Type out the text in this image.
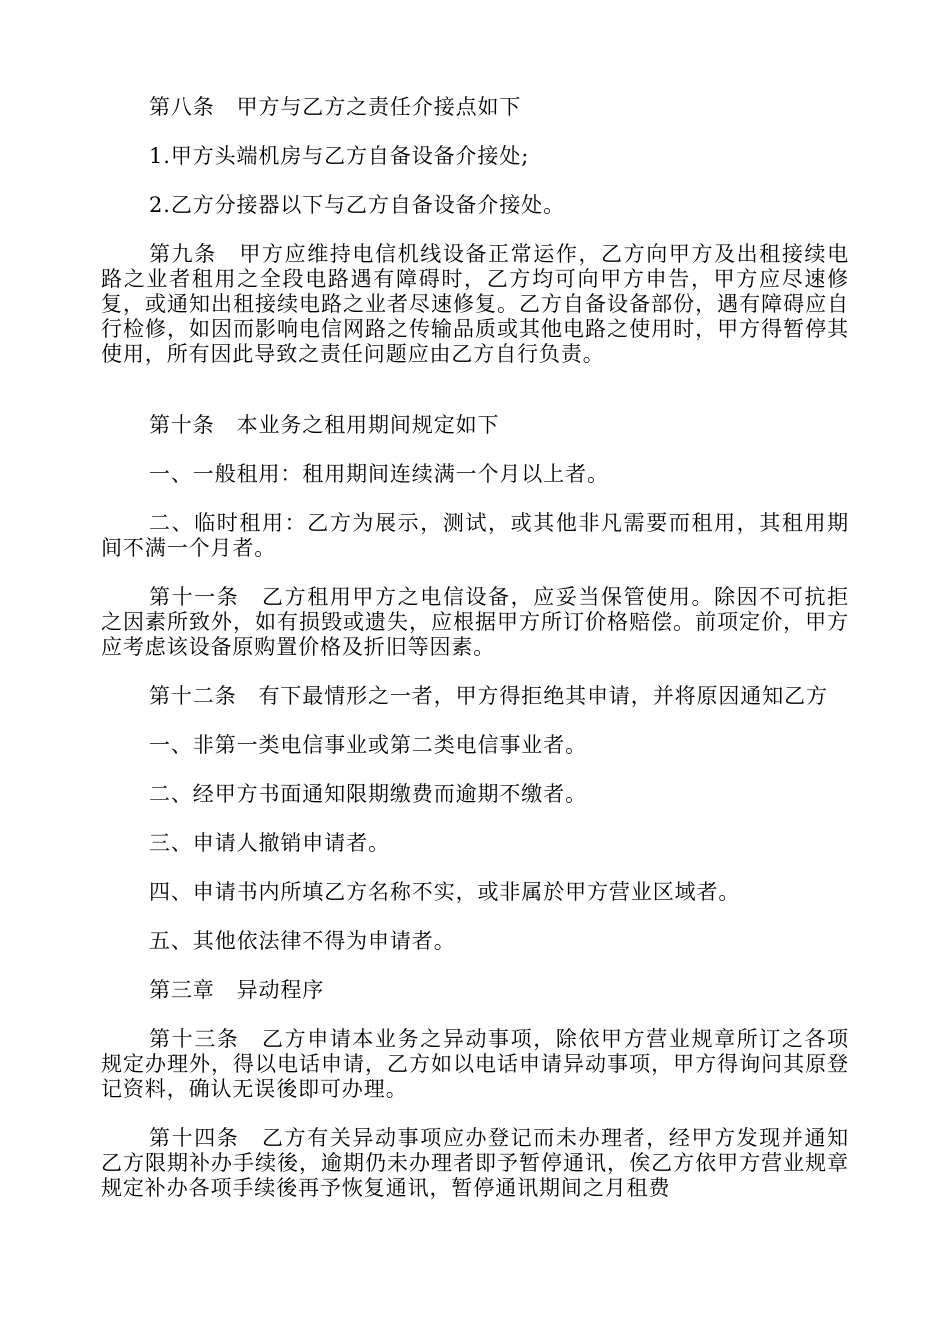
第八条　甲方与乙方之责任介接点如下

1.甲方头端机房与乙方自备设备介接处;

2.乙方分接器以下与乙方自备设备介接处。

第九条　甲方应维持电信机线设备正常运作，乙方向甲方及出租接续电路之业者租用之全段电路遇有障碍时，乙方均可向甲方申告，甲方应尽速修复，或通知出租接续电路之业者尽速修复。乙方自备设备部份，遇有障碍应自行检修，如因而影响电信网路之传输品质或其他电路之使用时，甲方得暂停其使用，所有因此导致之责任问题应由乙方自行负责。

第十条　本业务之租用期间规定如下

一、一般租用：租用期间连续满一个月以上者。

二、临时租用：乙方为展示，测试，或其他非凡需要而租用，其租用期间不满一个月者。

第十一条　乙方租用甲方之电信设备，应妥当保管使用。除因不可抗拒之因素所致外，如有损毁或遗失，应根据甲方所订价格赔偿。前项定价，甲方应考虑该设备原购置价格及折旧等因素。

第十二条　有下最情形之一者，甲方得拒绝其申请，并将原因通知乙方

一、非第一类电信事业或第二类电信事业者。

二、经甲方书面通知限期缴费而逾期不缴者。

三、申请人撤销申请者。

四、申请书内所填乙方名称不实，或非属於甲方营业区域者。

五、其他依法律不得为申请者。

第三章　异动程序

第十三条　乙方申请本业务之异动事项，除依甲方营业规章所订之各项规定办理外，得以电话申请，乙方如以电话申请异动事项，甲方得询问其原登记资料，确认无误後即可办理。

第十四条　乙方有关异动事项应办登记而未办理者，经甲方发现并通知乙方限期补办手续後，逾期仍未办理者即予暂停通讯，俟乙方依甲方营业规章规定补办各项手续後再予恢复通讯，暂停通讯期间之月租费
